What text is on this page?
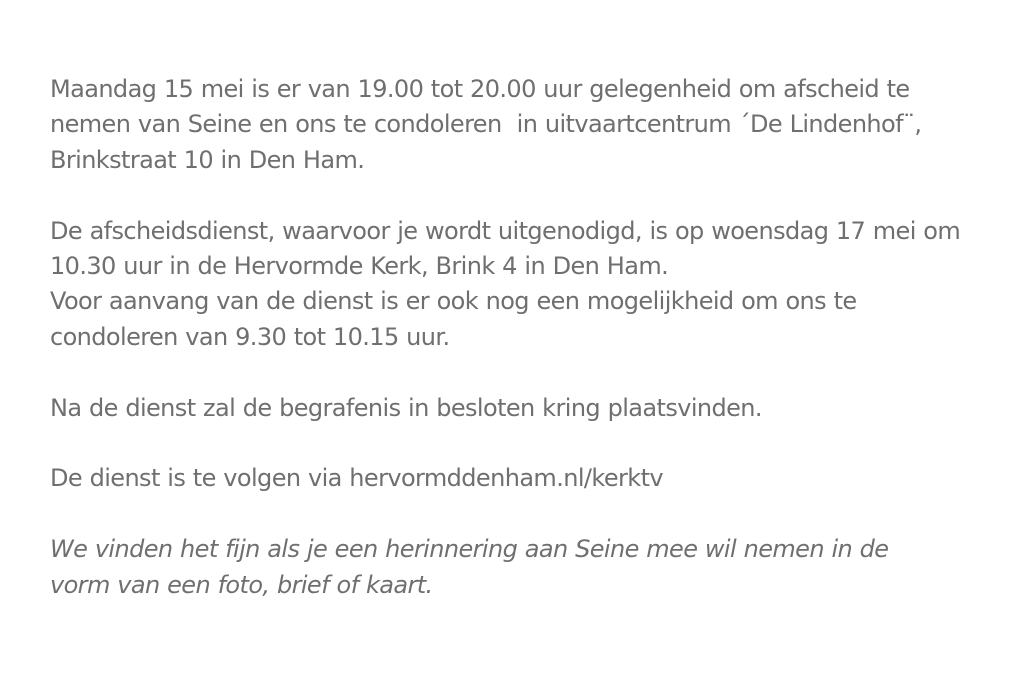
Maandag 15 mei is er van 19.00 tot 20.00 uur gelegenheid om afscheid te
nemen van Seine en ons te condoleren  in uitvaartcentrum ´De Lindenhof¨,
Brinkstraat 10 in Den Ham.

De afscheidsdienst, waarvoor je wordt uitgenodigd, is op woensdag 17 mei om
10.30 uur in de Hervormde Kerk, Brink 4 in Den Ham.
Voor aanvang van de dienst is er ook nog een mogelijkheid om ons te
condoleren van 9.30 tot 10.15 uur.

Na de dienst zal de begrafenis in besloten kring plaatsvinden.

De dienst is te volgen via hervormddenham.nl/kerktv

We vinden het fijn als je een herinnering aan Seine mee wil nemen in de
vorm van een foto, brief of kaart.
